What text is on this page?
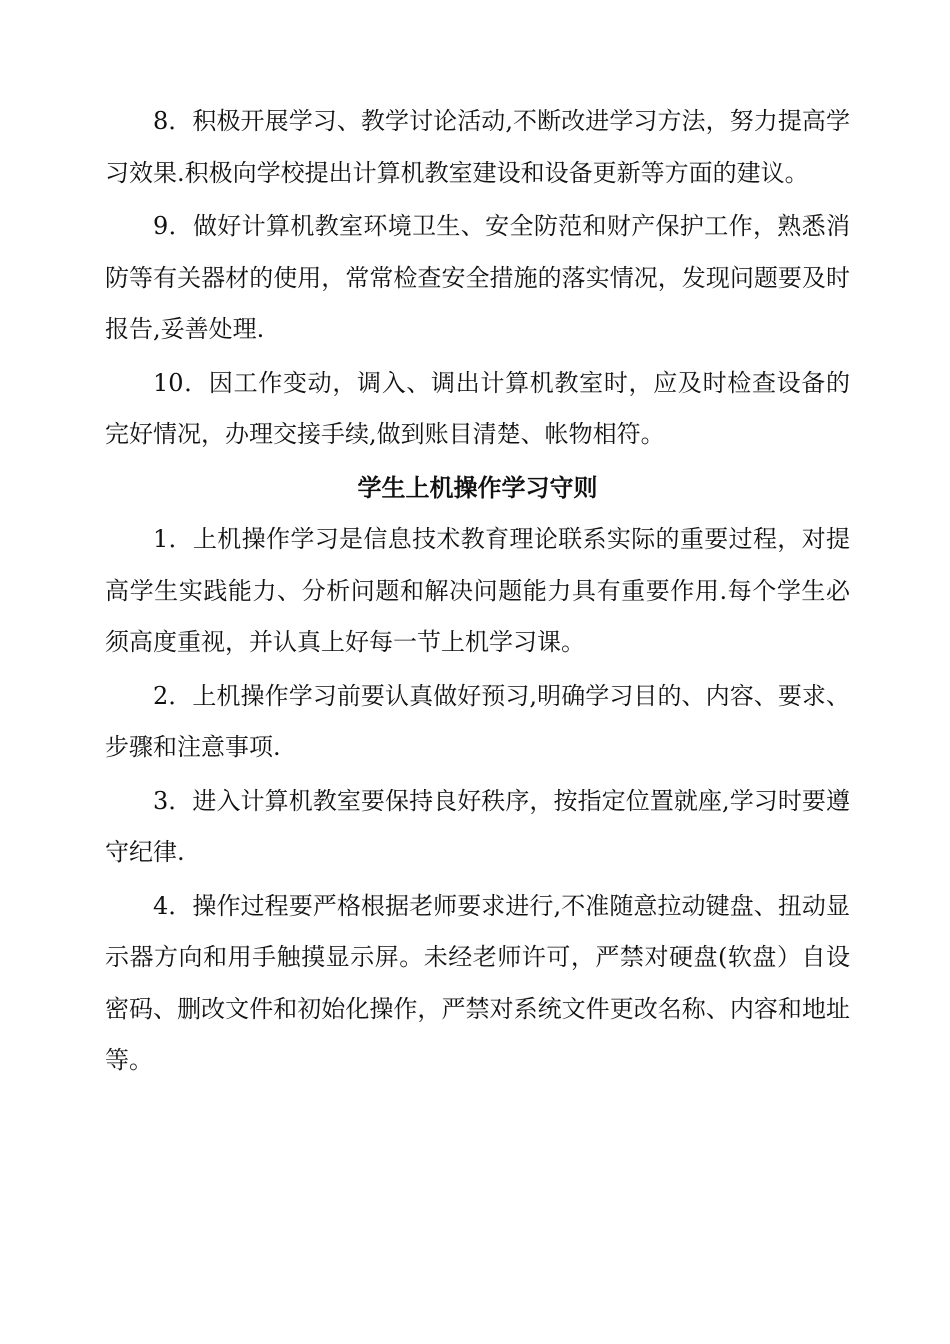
8．积极开展学习、教学讨论活动,不断改进学习方法，努力提高学习效果.积极向学校提出计算机教室建设和设备更新等方面的建议。

9．做好计算机教室环境卫生、安全防范和财产保护工作，熟悉消防等有关器材的使用，常常检查安全措施的落实情况，发现问题要及时报告,妥善处理.

10．因工作变动，调入、调出计算机教室时，应及时检查设备的完好情况，办理交接手续,做到账目清楚、帐物相符。

学生上机操作学习守则

1．上机操作学习是信息技术教育理论联系实际的重要过程，对提高学生实践能力、分析问题和解决问题能力具有重要作用.每个学生必须高度重视，并认真上好每一节上机学习课。

2．上机操作学习前要认真做好预习,明确学习目的、内容、要求、步骤和注意事项.

3．进入计算机教室要保持良好秩序，按指定位置就座,学习时要遵守纪律.

4．操作过程要严格根据老师要求进行,不准随意拉动键盘、扭动显示器方向和用手触摸显示屏。未经老师许可，严禁对硬盘(软盘）自设密码、删改文件和初始化操作，严禁对系统文件更改名称、内容和地址等。
